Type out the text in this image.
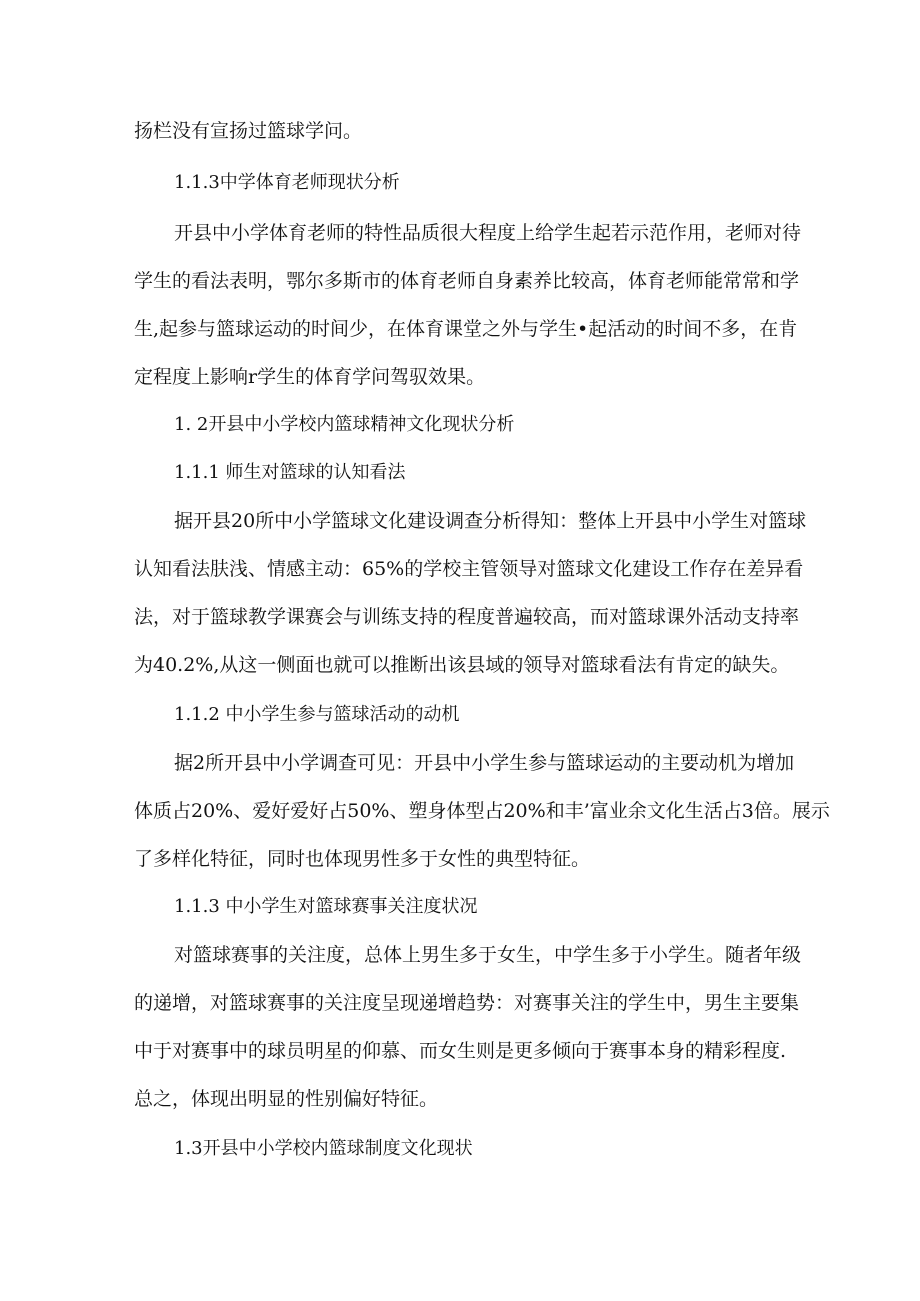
扬栏没有宣扬过篮球学问。

1.1.3中学体育老师现状分析

开县中小学体育老师的特性品质很大程度上给学生起若示范作用，老师对待

学生的看法表明，鄂尔多斯市的体育老师自身素养比较高，体育老师能常常和学

生,起参与篮球运动的时间少，在体育课堂之外与学生•起活动的时间不多，在肯

定程度上影响r学生的体育学问驾驭效果。

1. 2开县中小学校内篮球精神文化现状分析

1.1.1 师生对篮球的认知看法

据开县20所中小学篮球文化建设调查分析得知：整体上开县中小学生对篮球

认知看法肤浅、情感主动：65%的学校主管领导对篮球文化建设工作存在差异看

法，对于篮球教学课赛会与训练支持的程度普遍较高，而对篮球课外活动支持率

为40.2%,从这一侧面也就可以推断出该县域的领导对篮球看法有肯定的缺失。

1.1.2 中小学生参与篮球活动的动机

据2所开县中小学调查可见：开县中小学生参与篮球运动的主要动机为增加

体质占20%、爱好爱好占50%、塑身体型占20%和丰’富业余文化生活占3倍。展示

了多样化特征，同时也体现男性多于女性的典型特征。

1.1.3 中小学生对篮球赛事关注度状况

对篮球赛事的关注度，总体上男生多于女生，中学生多于小学生。随者年级

的递增，对篮球赛事的关注度呈现递增趋势：对赛事关注的学生中，男生主要集

中于对赛事中的球员明星的仰慕、而女生则是更多倾向于赛事本身的精彩程度.

总之，体现出明显的性别偏好特征。

1.3开县中小学校内篮球制度文化现状
